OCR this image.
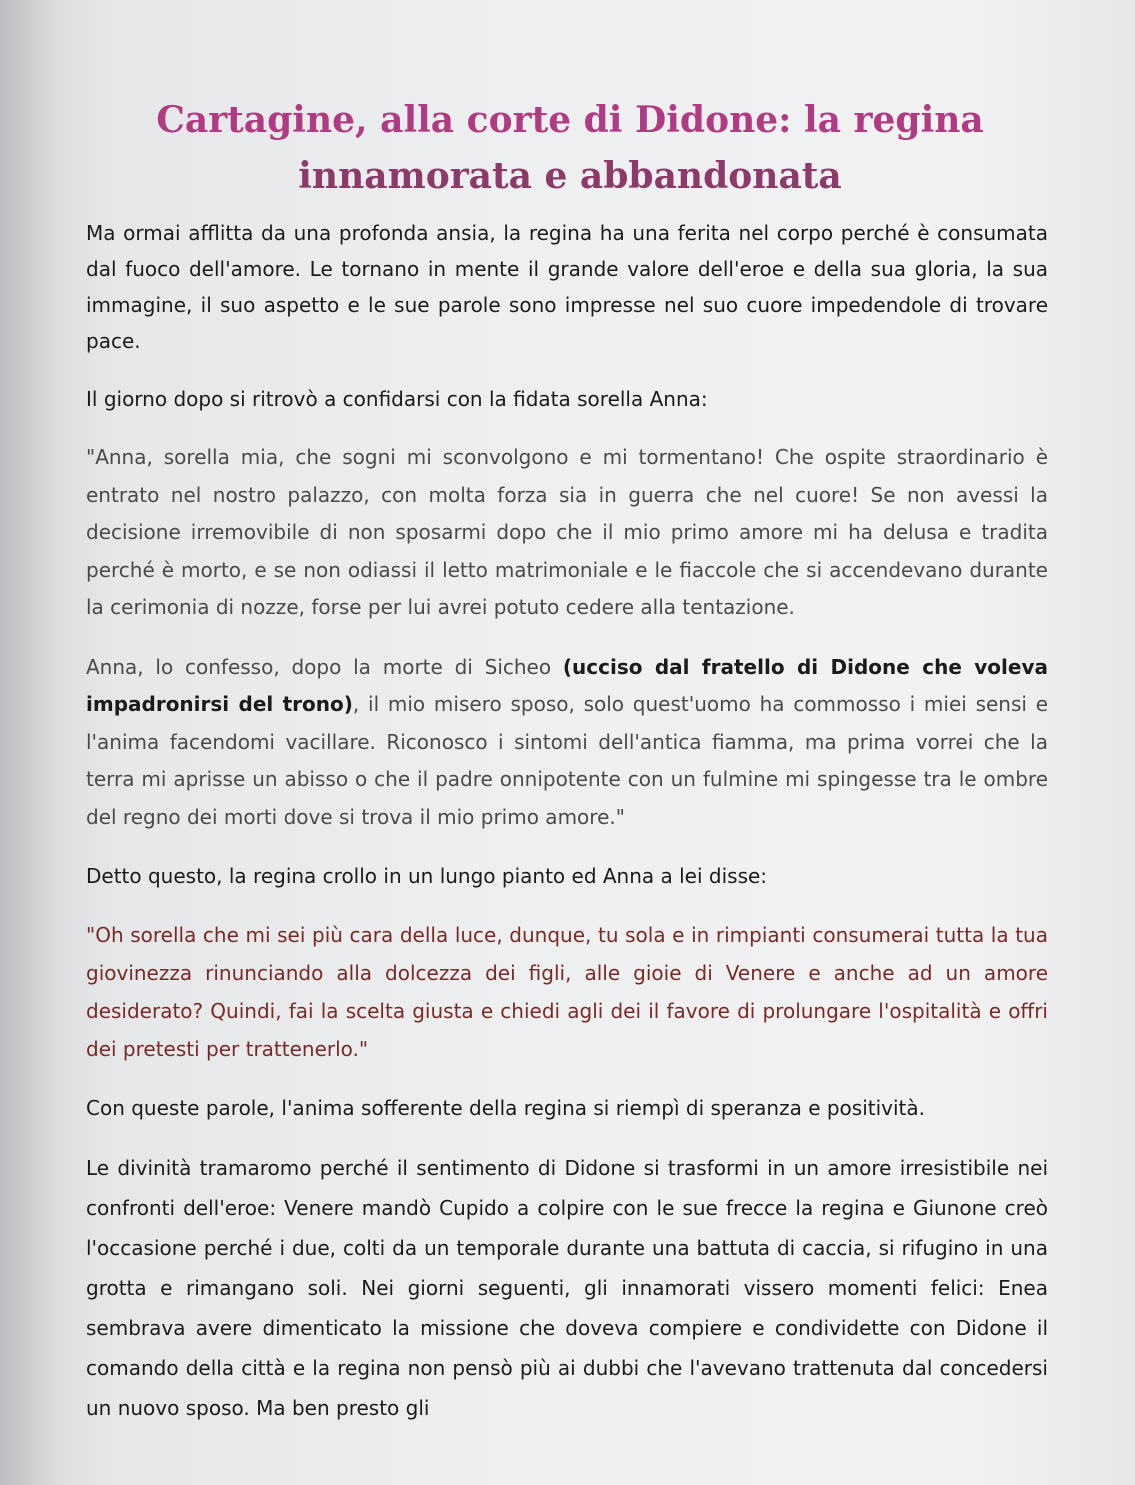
Cartagine, alla corte di Didone: la regina
innamorata e abbandonata

Ma ormai afflitta da una profonda ansia, la regina ha una ferita nel corpo perché è consumata dal fuoco dell'amore. Le tornano in mente il grande valore dell'eroe e della sua gloria, la sua immagine, il suo aspetto e le sue parole sono impresse nel suo cuore impedendole di trovare pace.

Il giorno dopo si ritrovò a confidarsi con la fidata sorella Anna:

"Anna, sorella mia, che sogni mi sconvolgono e mi tormentano! Che ospite straordinario è entrato nel nostro palazzo, con molta forza sia in guerra che nel cuore! Se non avessi la decisione irremovibile di non sposarmi dopo che il mio primo amore mi ha delusa e tradita perché è morto, e se non odiassi il letto matrimoniale e le fiaccole che si accendevano durante la cerimonia di nozze, forse per lui avrei potuto cedere alla tentazione.

Anna, lo confesso, dopo la morte di Sicheo (ucciso dal fratello di Didone che voleva impadronirsi del trono), il mio misero sposo, solo quest'uomo ha commosso i miei sensi e l'anima facendomi vacillare. Riconosco i sintomi dell'antica fiamma, ma prima vorrei che la terra mi aprisse un abisso o che il padre onnipotente con un fulmine mi spingesse tra le ombre del regno dei morti dove si trova il mio primo amore."

Detto questo, la regina crollo in un lungo pianto ed Anna a lei disse:

"Oh sorella che mi sei più cara della luce, dunque, tu sola e in rimpianti consumerai tutta la tua giovinezza rinunciando alla dolcezza dei figli, alle gioie di Venere e anche ad un amore desiderato? Quindi, fai la scelta giusta e chiedi agli dei il favore di prolungare l'ospitalità e offri dei pretesti per trattenerlo."

Con queste parole, l'anima sofferente della regina si riempì di speranza e positività.

Le divinità tramaromo perché il sentimento di Didone si trasformi in un amore irresistibile nei confronti dell'eroe: Venere mandò Cupido a colpire con le sue frecce la regina e Giunone creò l'occasione perché i due, colti da un temporale durante una battuta di caccia, si rifugino in una grotta e rimangano soli. Nei giorni seguenti, gli innamorati vissero momenti felici: Enea sembrava avere dimenticato la missione che doveva compiere e condividette con Didone il comando della città e la regina non pensò più ai dubbi che l'avevano trattenuta dal concedersi un nuovo sposo. Ma ben presto gli
